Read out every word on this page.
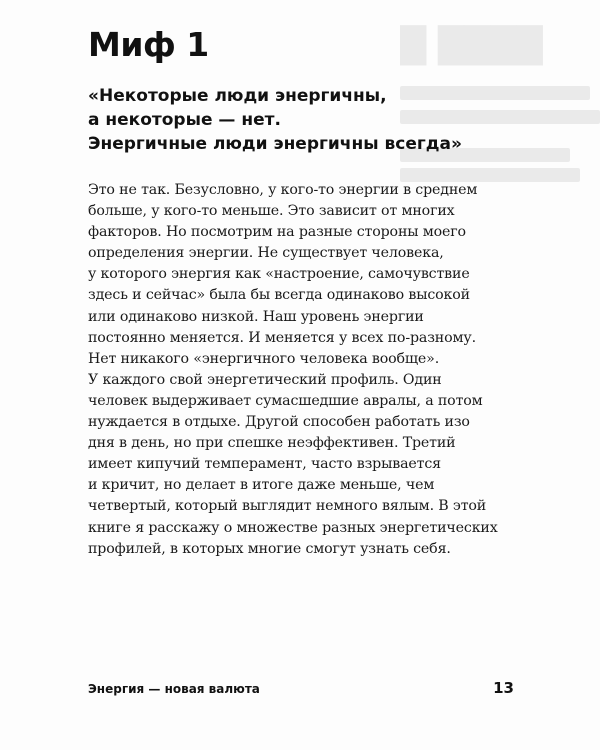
████ █
Миф 1
«Некоторые люди энергичны,
а некоторые — нет.
Энергичные люди энергичны всегда»
Это не так. Безусловно, у кого-то энергии в среднем
больше, у кого-то меньше. Это зависит от многих
факторов. Но посмотрим на разные стороны моего
определения энергии. Не существует человека,
у которого энергия как «настроение, самочувствие
здесь и сейчас» была бы всегда одинаково высокой
или одинаково низкой. Наш уровень энергии
постоянно меняется. И меняется у всех по-разному.
Нет никакого «энергичного человека вообще».
У каждого свой энергетический профиль. Один
человек выдерживает сумасшедшие авралы, а потом
нуждается в отдыхе. Другой способен работать изо
дня в день, но при спешке неэффективен. Третий
имеет кипучий темперамент, часто взрывается
и кричит, но делает в итоге даже меньше, чем
четвертый, который выглядит немного вялым. В этой
книге я расскажу о множестве разных энергетических
профилей, в которых многие смогут узнать себя.
Энергия — новая валюта	13
